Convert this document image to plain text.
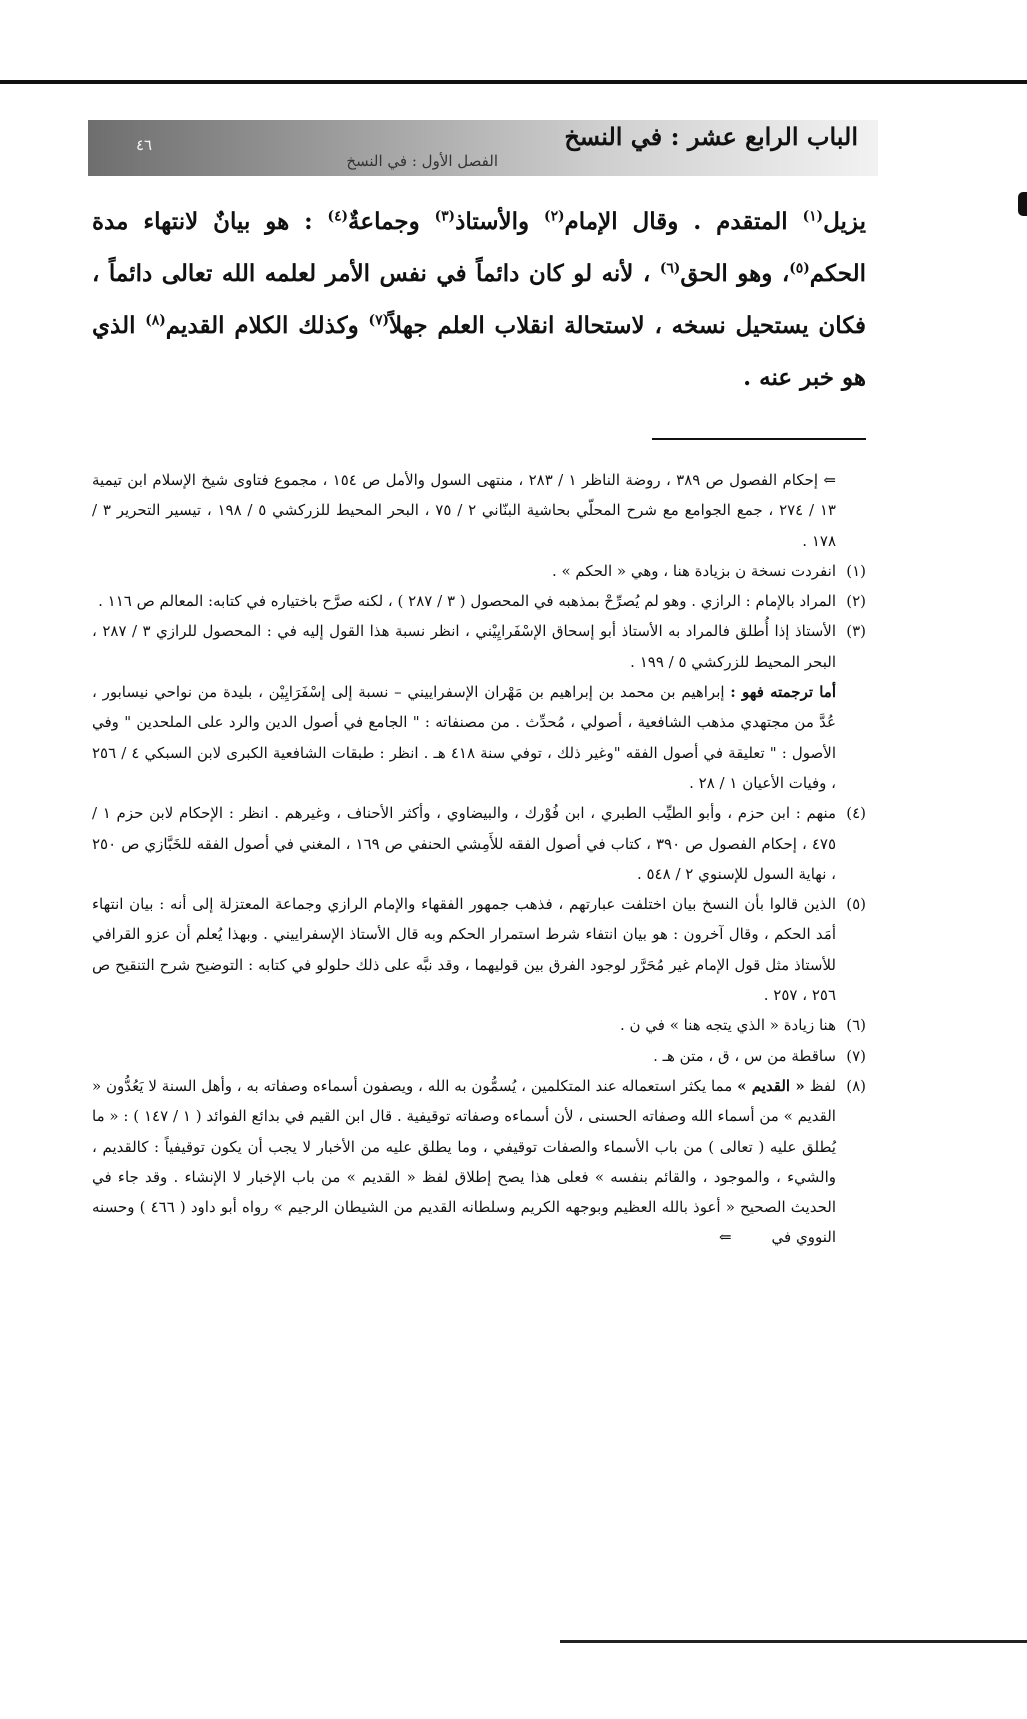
الباب الرابع عشر : في النسخ
الفصل الأول : في النسخ
٤٦

يزيل$^{(١)}$ المتقدم . وقال الإمام$^{(٢)}$ والأستاذ$^{(٣)}$ وجماعةٌ$^{(٤)}$ : هو بيانٌ لانتهاء مدة الحكم$^{(٥)}$، وهو الحق$^{(٦)}$ ، لأنه لو كان دائماً في نفس الأمر لعلمه الله تعالى دائماً ، فكان يستحيل نسخه ، لاستحالة انقلاب العلم جهلاً$^{(٧)}$ وكذلك الكلام القديم$^{(٨)}$ الذي هو خبر عنه .

⇐ إحكام الفصول ص ٣٨٩ ، روضة الناظر ١ / ٢٨٣ ، منتهى السول والأمل ص ١٥٤ ، مجموع فتاوى شيخ الإسلام ابن تيمية ١٣ / ٢٧٤ ، جمع الجوامع مع شرح المحلّي بحاشية البنّاني ٢ / ٧٥ ، البحر المحيط للزركشي ٥ / ١٩٨ ، تيسير التحرير ٣ / ١٧٨ .

(١)
انفردت نسخة ن بزيادة هنا ، وهي « الحكم » .

(٢)
المراد بالإمام : الرازي . وهو لم يُصرِّحْ بمذهبه في المحصول ( ٣ / ٢٨٧ ) ، لكنه صرَّح باختياره في كتابه: المعالم ص ١١٦ .

(٣)
الأستاذ إذا أُطلق فالمراد به الأستاذ أبو إسحاق الإسْفَرايِيْني ، انظر نسبة هذا القول إليه في : المحصول للرازي ٣ / ٢٨٧ ، البحر المحيط للزركشي ٥ / ١٩٩ .

أما ترجمته فهو : إبراهيم بن محمد بن إبراهيم بن مَهْران الإسفراييني – نسبة إلى إسْفَرَايِيْن ، بليدة من نواحي نيسابور ، عُدَّ من مجتهدي مذهب الشافعية ، أصولي ، مُحدِّث . من مصنفاته : " الجامع في أصول الدين والرد على الملحدين " وفي الأصول : " تعليقة في أصول الفقه "وغير ذلك ، توفي سنة ٤١٨ هـ . انظر : طبقات الشافعية الكبرى لابن السبكي ٤ / ٢٥٦ ، وفيات الأعيان ١ / ٢٨ .

(٤)
منهم : ابن حزم ، وأبو الطيِّب الطبري ، ابن فُوْرك ، والبيضاوي ، وأكثر الأحناف ، وغيرهم . انظر : الإحكام لابن حزم ١ / ٤٧٥ ، إحكام الفصول ص ٣٩٠ ، كتاب في أصول الفقه للأَمِشي الحنفي ص ١٦٩ ، المغني في أصول الفقه للخَبَّازي ص ٢٥٠ ، نهاية السول للإسنوي ٢ / ٥٤٨ .

(٥)
الذين قالوا بأن النسخ بيان اختلفت عبارتهم ، فذهب جمهور الفقهاء والإمام الرازي وجماعة المعتزلة إلى أنه : بيان انتهاء أمَد الحكم ، وقال آخرون : هو بيان انتفاء شرط استمرار الحكم وبه قال الأستاذ الإسفراييني . وبهذا يُعلم أن عزو القرافي للأستاذ مثل قول الإمام غير مُحَرَّر لوجود الفرق بين قوليهما ، وقد نبَّه على ذلك حلولو في كتابه : التوضيح شرح التنقيح ص ٢٥٦ ، ٢٥٧ .

(٦)
هنا زيادة « الذي يتجه هنا » في ن .

(٧)
ساقطة من س ، ق ، متن هـ .

(٨)
لفظ « القديم » مما يكثر استعماله عند المتكلمين ، يُسمُّون به الله ، ويصفون أسماءه وصفاته به ، وأهل السنة لا يَعُدُّون « القديم » من أسماء الله وصفاته الحسنى ، لأن أسماءه وصفاته توقيفية . قال ابن القيم في بدائع الفوائد ( ١ / ١٤٧ ) : « ما يُطلق عليه ( تعالى ) من باب الأسماء والصفات توقيفي ، وما يطلق عليه من الأخبار لا يجب أن يكون توقيفياً : كالقديم ، والشيء ، والموجود ، والقائم بنفسه » فعلى هذا يصح إطلاق لفظ « القديم » من باب الإخبار لا الإنشاء . وقد جاء في الحديث الصحيح « أعوذ بالله العظيم وبوجهه الكريم وسلطانه القديم من الشيطان الرجيم » رواه أبو داود ( ٤٦٦ ) وحسنه النووي في⇐
